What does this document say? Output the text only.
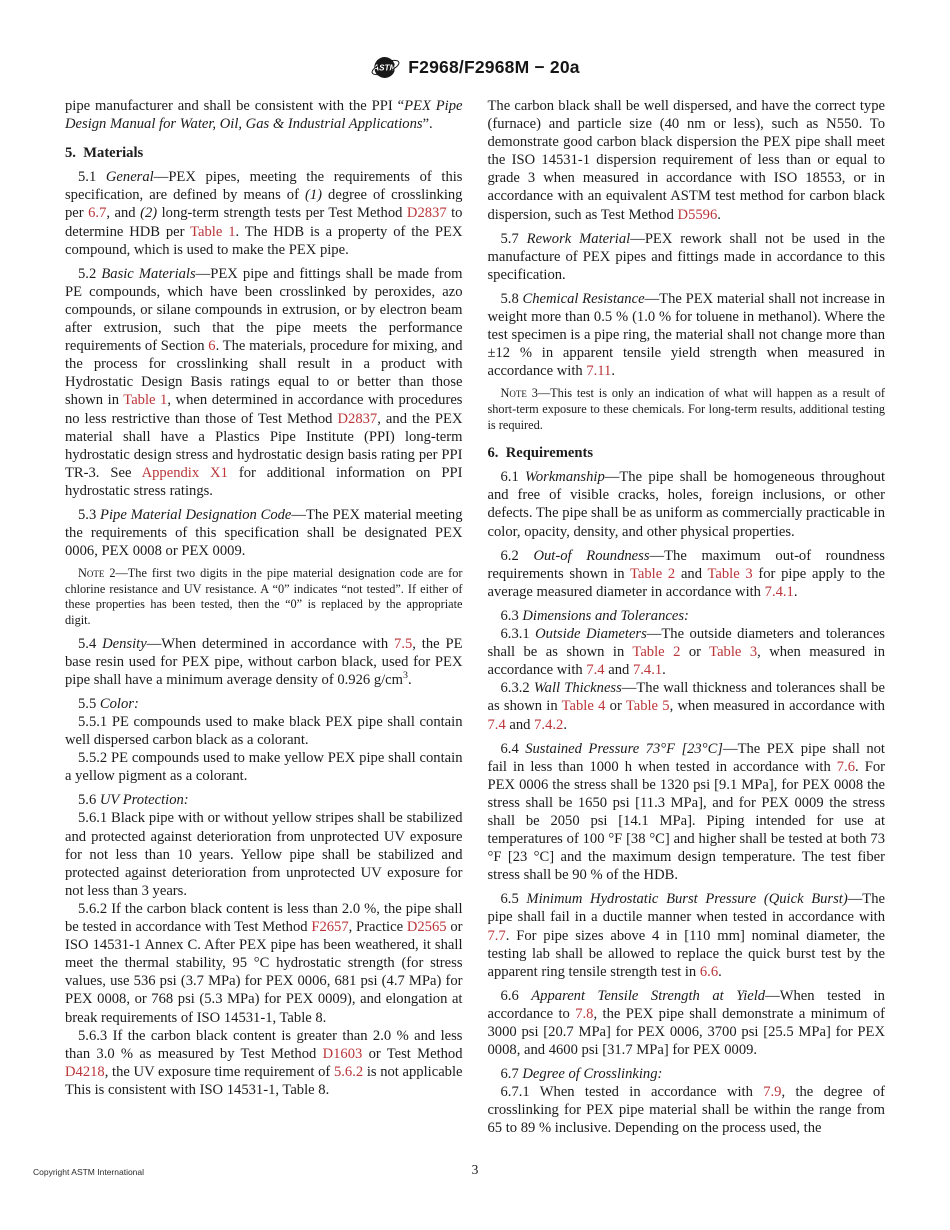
ASTM F2968/F2968M − 20a
pipe manufacturer and shall be consistent with the PPI “PEX Pipe Design Manual for Water, Oil, Gas & Industrial Applications”.
5.  Materials
5.1 General—PEX pipes, meeting the requirements of this specification, are defined by means of (1) degree of crosslinking per 6.7, and (2) long-term strength tests per Test Method D2837 to determine HDB per Table 1. The HDB is a property of the PEX compound, which is used to make the PEX pipe.
5.2 Basic Materials—PEX pipe and fittings shall be made from PE compounds, which have been crosslinked by peroxides, azo compounds, or silane compounds in extrusion, or by electron beam after extrusion, such that the pipe meets the performance requirements of Section 6. The materials, procedure for mixing, and the process for crosslinking shall result in a product with Hydrostatic Design Basis ratings equal to or better than those shown in Table 1, when determined in accordance with procedures no less restrictive than those of Test Method D2837, and the PEX material shall have a Plastics Pipe Institute (PPI) long-term hydrostatic design stress and hydrostatic design basis rating per PPI TR-3. See Appendix X1 for additional information on PPI hydrostatic stress ratings.
5.3 Pipe Material Designation Code—The PEX material meeting the requirements of this specification shall be designated PEX 0006, PEX 0008 or PEX 0009.
Note 2—The first two digits in the pipe material designation code are for chlorine resistance and UV resistance. A “0” indicates “not tested”. If either of these properties has been tested, then the “0” is replaced by the appropriate digit.
5.4 Density—When determined in accordance with 7.5, the PE base resin used for PEX pipe, without carbon black, used for PEX pipe shall have a minimum average density of 0.926 $g/cm^3$.
5.5 Color:
5.5.1 PE compounds used to make black PEX pipe shall contain well dispersed carbon black as a colorant.
5.5.2 PE compounds used to make yellow PEX pipe shall contain a yellow pigment as a colorant.
5.6 UV Protection:
5.6.1 Black pipe with or without yellow stripes shall be stabilized and protected against deterioration from unprotected UV exposure for not less than 10 years. Yellow pipe shall be stabilized and protected against deterioration from unprotected UV exposure for not less than 3 years.
5.6.2 If the carbon black content is less than 2.0 %, the pipe shall be tested in accordance with Test Method F2657, Practice D2565 or ISO 14531-1 Annex C. After PEX pipe has been weathered, it shall meet the thermal stability, 95 °C hydrostatic strength (for stress values, use 536 psi (3.7 MPa) for PEX 0006, 681 psi (4.7 MPa) for PEX 0008, or 768 psi (5.3 MPa) for PEX 0009), and elongation at break requirements of ISO 14531-1, Table 8.
5.6.3 If the carbon black content is greater than 2.0 % and less than 3.0 % as measured by Test Method D1603 or Test Method D4218, the UV exposure time requirement of 5.6.2 is not applicable This is consistent with ISO 14531-1, Table 8.
The carbon black shall be well dispersed, and have the correct type (furnace) and particle size (40 nm or less), such as N550. To demonstrate good carbon black dispersion the PEX pipe shall meet the ISO 14531-1 dispersion requirement of less than or equal to grade 3 when measured in accordance with ISO 18553, or in accordance with an equivalent ASTM test method for carbon black dispersion, such as Test Method D5596.
5.7 Rework Material—PEX rework shall not be used in the manufacture of PEX pipes and fittings made in accordance to this specification.
5.8 Chemical Resistance—The PEX material shall not increase in weight more than 0.5 % (1.0 % for toluene in methanol). Where the test specimen is a pipe ring, the material shall not change more than ±12 % in apparent tensile yield strength when measured in accordance with 7.11.
Note 3—This test is only an indication of what will happen as a result of short-term exposure to these chemicals. For long-term results, additional testing is required.
6.  Requirements
6.1 Workmanship—The pipe shall be homogeneous throughout and free of visible cracks, holes, foreign inclusions, or other defects. The pipe shall be as uniform as commercially practicable in color, opacity, density, and other physical properties.
6.2 Out-of Roundness—The maximum out-of roundness requirements shown in Table 2 and Table 3 for pipe apply to the average measured diameter in accordance with 7.4.1.
6.3 Dimensions and Tolerances:
6.3.1 Outside Diameters—The outside diameters and tolerances shall be as shown in Table 2 or Table 3, when measured in accordance with 7.4 and 7.4.1.
6.3.2 Wall Thickness—The wall thickness and tolerances shall be as shown in Table 4 or Table 5, when measured in accordance with 7.4 and 7.4.2.
6.4 Sustained Pressure 73°F [23°C]—The PEX pipe shall not fail in less than 1000 h when tested in accordance with 7.6. For PEX 0006 the stress shall be 1320 psi [9.1 MPa], for PEX 0008 the stress shall be 1650 psi [11.3 MPa], and for PEX 0009 the stress shall be 2050 psi [14.1 MPa]. Piping intended for use at temperatures of 100 °F [38 °C] and higher shall be tested at both 73 °F [23 °C] and the maximum design temperature. The test fiber stress shall be 90 % of the HDB.
6.5 Minimum Hydrostatic Burst Pressure (Quick Burst)—The pipe shall fail in a ductile manner when tested in accordance with 7.7. For pipe sizes above 4 in [110 mm] nominal diameter, the testing lab shall be allowed to replace the quick burst test by the apparent ring tensile strength test in 6.6.
6.6 Apparent Tensile Strength at Yield—When tested in accordance to 7.8, the PEX pipe shall demonstrate a minimum of 3000 psi [20.7 MPa] for PEX 0006, 3700 psi [25.5 MPa] for PEX 0008, and 4600 psi [31.7 MPa] for PEX 0009.
6.7 Degree of Crosslinking:
6.7.1 When tested in accordance with 7.9, the degree of crosslinking for PEX pipe material shall be within the range from 65 to 89 % inclusive. Depending on the process used, the
Copyright ASTM International	3
